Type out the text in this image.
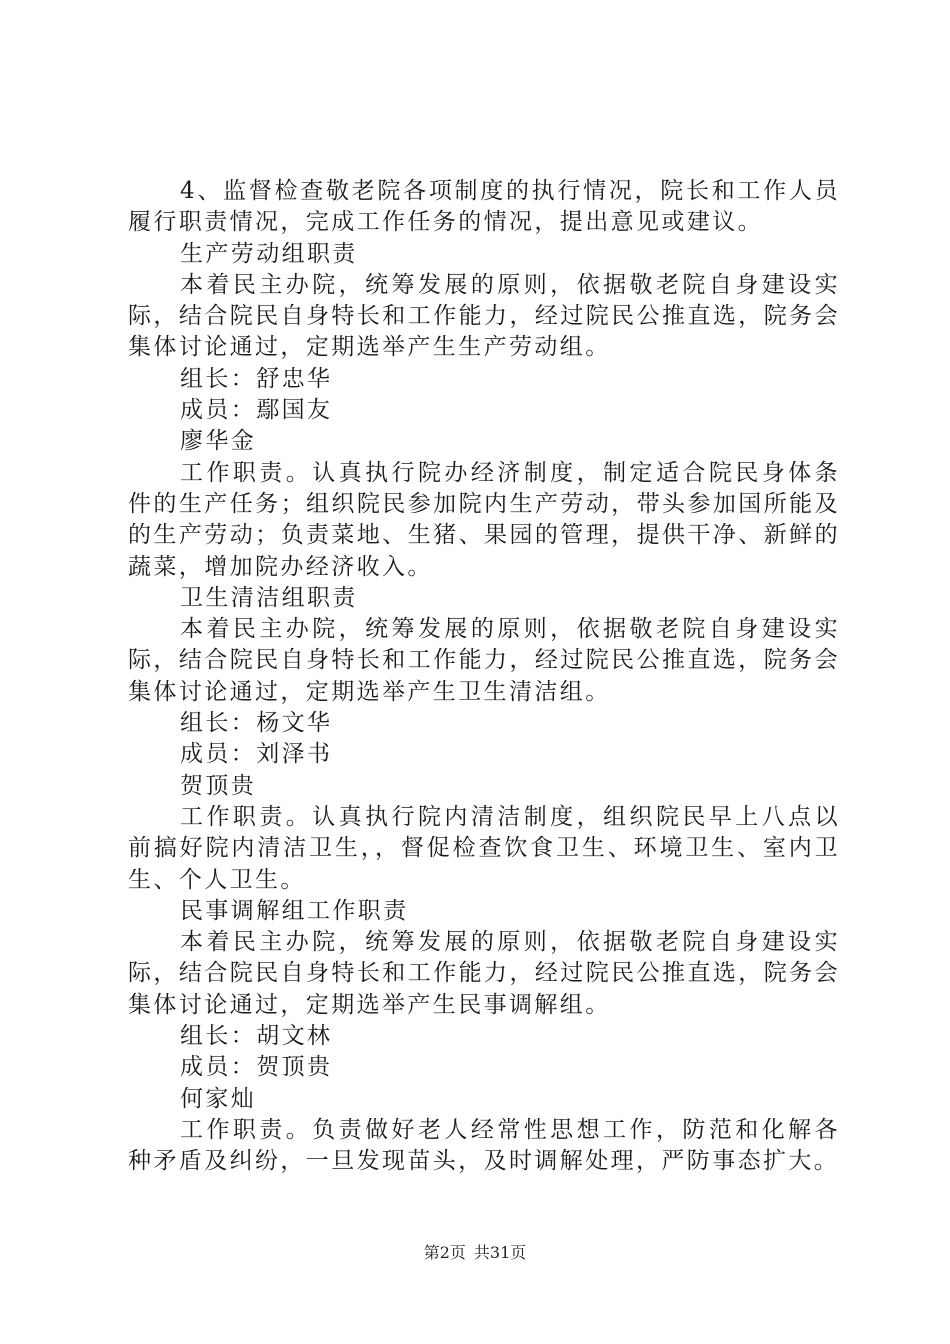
4、监督检查敬老院各项制度的执行情况，院长和工作人员履行职责情况，完成工作任务的情况，提出意见或建议。

生产劳动组职责

本着民主办院，统筹发展的原则，依据敬老院自身建设实际，结合院民自身特长和工作能力，经过院民公推直选，院务会集体讨论通过，定期选举产生生产劳动组。

组长：舒忠华

成员：鄢国友

廖华金

工作职责。认真执行院办经济制度，制定适合院民身体条件的生产任务；组织院民参加院内生产劳动，带头参加国所能及的生产劳动；负责菜地、生猪、果园的管理，提供干净、新鲜的蔬菜，增加院办经济收入。

卫生清洁组职责

本着民主办院，统筹发展的原则，依据敬老院自身建设实际，结合院民自身特长和工作能力，经过院民公推直选，院务会集体讨论通过，定期选举产生卫生清洁组。

组长：杨文华

成员：刘泽书

贺顶贵

工作职责。认真执行院内清洁制度，组织院民早上八点以前搞好院内清洁卫生，，督促检查饮食卫生、环境卫生、室内卫生、个人卫生。

民事调解组工作职责

本着民主办院，统筹发展的原则，依据敬老院自身建设实际，结合院民自身特长和工作能力，经过院民公推直选，院务会集体讨论通过，定期选举产生民事调解组。

组长：胡文林

成员：贺顶贵

何家灿

工作职责。负责做好老人经常性思想工作，防范和化解各种矛盾及纠纷，一旦发现苗头，及时调解处理，严防事态扩大。

第2页 共31页
